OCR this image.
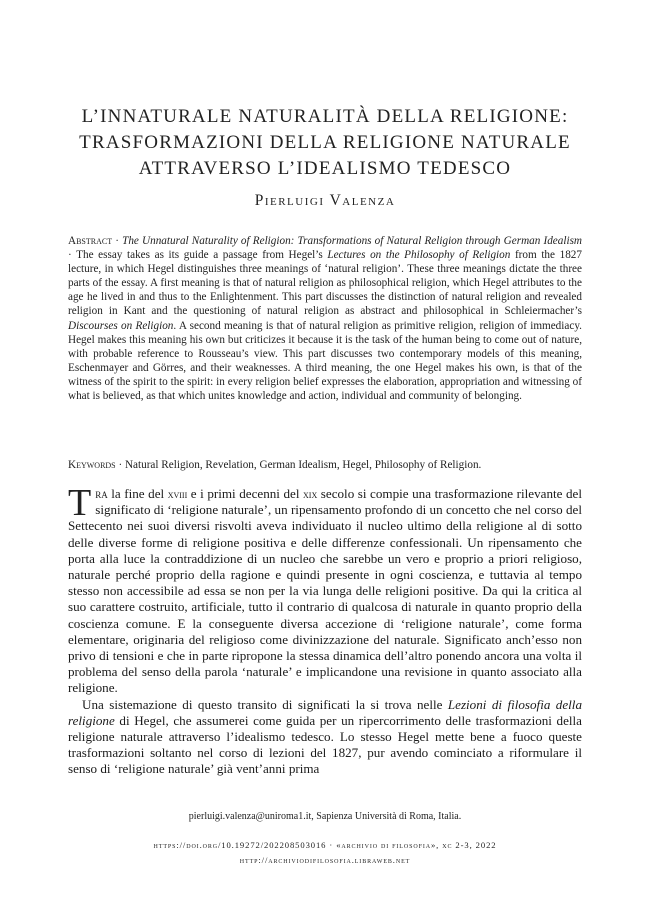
L’INNATURALE NATURALITÀ DELLA RELIGIONE:
TRASFORMAZIONI DELLA RELIGIONE NATURALE
ATTRAVERSO L’IDEALISMO TEDESCO
Pierluigi Valenza
Abstract · The Unnatural Naturality of Religion: Transformations of Natural Religion through German Idealism · The essay takes as its guide a passage from Hegel’s Lectures on the Philosophy of Religion from the 1827 lecture, in which Hegel distinguishes three meanings of ‘natural religion’. These three meanings dictate the three parts of the essay. A first meaning is that of natural religion as philosophical religion, which Hegel attributes to the age he lived in and thus to the Enlightenment. This part discusses the distinction of natural religion and revealed religion in Kant and the questioning of natural religion as abstract and philosophical in Schleiermacher’s Discourses on Religion. A second meaning is that of natural religion as primitive religion, religion of immediacy. Hegel makes this meaning his own but criticizes it because it is the task of the human being to come out of nature, with probable reference to Rousseau’s view. This part discusses two contemporary models of this meaning, Eschenmayer and Görres, and their weaknesses. A third meaning, the one Hegel makes his own, is that of the witness of the spirit to the spirit: in every religion belief expresses the elaboration, appropriation and witnessing of what is believed, as that which unites knowledge and action, individual and community of belonging.
Keywords · Natural Religion, Revelation, German Idealism, Hegel, Philosophy of Religion.

Tra la fine del xviii e i primi decenni del xix secolo si compie una trasformazione rilevante del significato di ‘religione naturale’, un ripensamento profondo di un concetto che nel corso del Settecento nei suoi diversi risvolti aveva individuato il nucleo ultimo della religione al di sotto delle diverse forme di religione positiva e delle differenze confessionali. Un ripensamento che porta alla luce la contraddizione di un nucleo che sarebbe un vero e proprio a priori religioso, naturale perché proprio della ragione e quindi presente in ogni coscienza, e tuttavia al tempo stesso non accessibile ad essa se non per la via lunga delle religioni positive. Da qui la critica al suo carattere costruito, artificiale, tutto il contrario di qualcosa di naturale in quanto proprio della coscienza comune. E la conseguente diversa accezione di ‘religione naturale’, come forma elementare, originaria del religioso come divinizzazione del naturale. Significato anch’esso non privo di tensioni e che in parte ripropone la stessa dinamica dell’altro ponendo ancora una volta il problema del senso della parola ‘naturale’ e implicandone una revisione in quanto associato alla religione.

Una sistemazione di questo transito di significati la si trova nelle Lezioni di filosofia della religione di Hegel, che assumerei come guida per un ripercorrimento delle trasformazioni della religione naturale attraverso l’idealismo tedesco. Lo stesso Hegel mette bene a fuoco queste trasformazioni soltanto nel corso di lezioni del 1827, pur avendo cominciato a riformulare il senso di ‘religione naturale’ già vent’anni prima

pierluigi.valenza@uniroma1.it, Sapienza Università di Roma, Italia.
https://doi.org/10.19272/202208503016 · «archivio di filosofia», xc 2-3, 2022
http://archiviodifilosofia.libraweb.net
